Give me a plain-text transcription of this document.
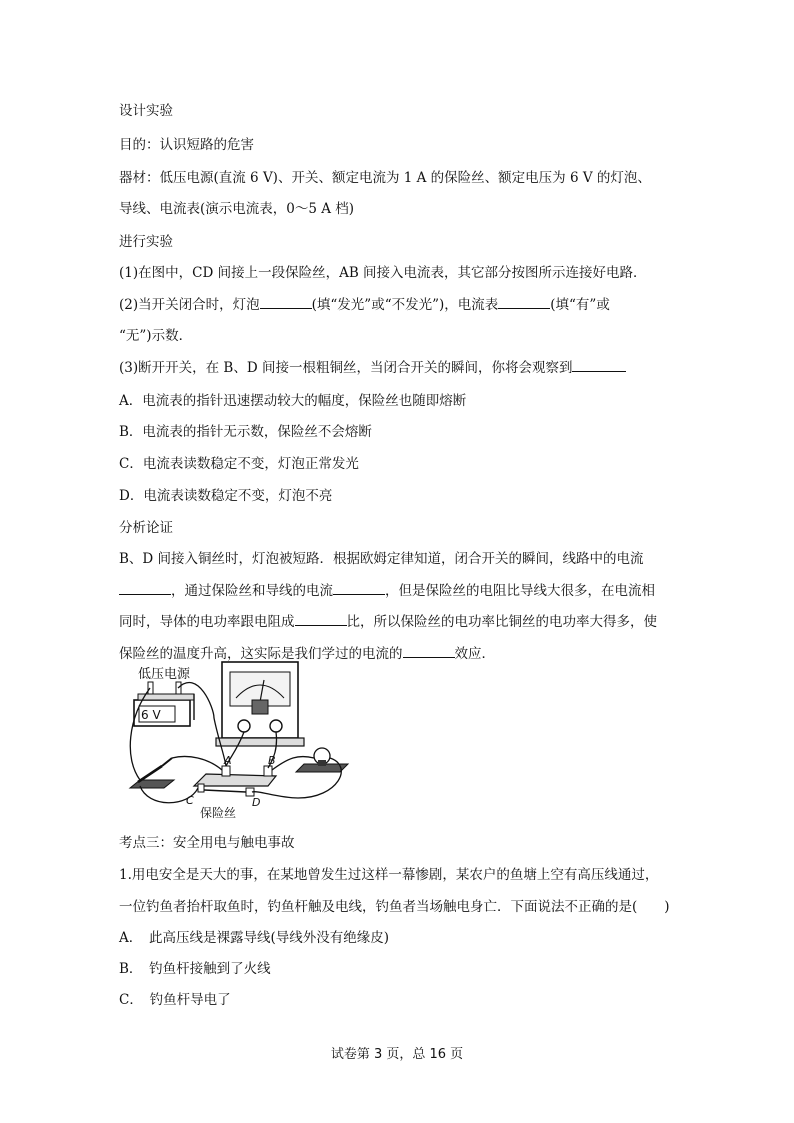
设计实验
目的：认识短路的危害
器材：低压电源(直流 6 V)、开关、额定电流为 1 A 的保险丝、额定电压为 6 V 的灯泡、
导线、电流表(演示电流表，0～5 A 档)
进行实验
(1)在图中，CD 间接上一段保险丝，AB 间接入电流表，其它部分按图所示连接好电路．
(2)当开关闭合时，灯泡	(填“发光”或“不发光”)，电流表	(填“有”或
“无”)示数．
(3)断开开关，在 B、D 间接一根粗铜丝，当闭合开关的瞬间，你将会观察到
A．电流表的指针迅速摆动较大的幅度，保险丝也随即熔断
B．电流表的指针无示数，保险丝不会熔断
C．电流表读数稳定不变，灯泡正常发光
D．电流表读数稳定不变，灯泡不亮
分析论证
B、D 间接入铜丝时，灯泡被短路．根据欧姆定律知道，闭合开关的瞬间，线路中的电流
，通过保险丝和导线的电流	，但是保险丝的电阻比导线大很多，在电流相
同时，导体的电功率跟电阻成	比，所以保险丝的电功率比铜丝的电功率大得多，使
保险丝的温度升高，这实际是我们学过的电流的	效应．
低压电源
6 V
A	B
C	D
保险丝
考点三：安全用电与触电事故
1.用电安全是天大的事，在某地曾发生过这样一幕惨剧，某农户的鱼塘上空有高压线通过，
一位钓鱼者抬杆取鱼时，钓鱼杆触及电线，钓鱼者当场触电身亡．下面说法不正确的是(　　)
A．　此高压线是裸露导线(导线外没有绝缘皮)
B．　钓鱼杆接触到了火线
C．　钓鱼杆导电了
试卷第 3 页，总 16 页
